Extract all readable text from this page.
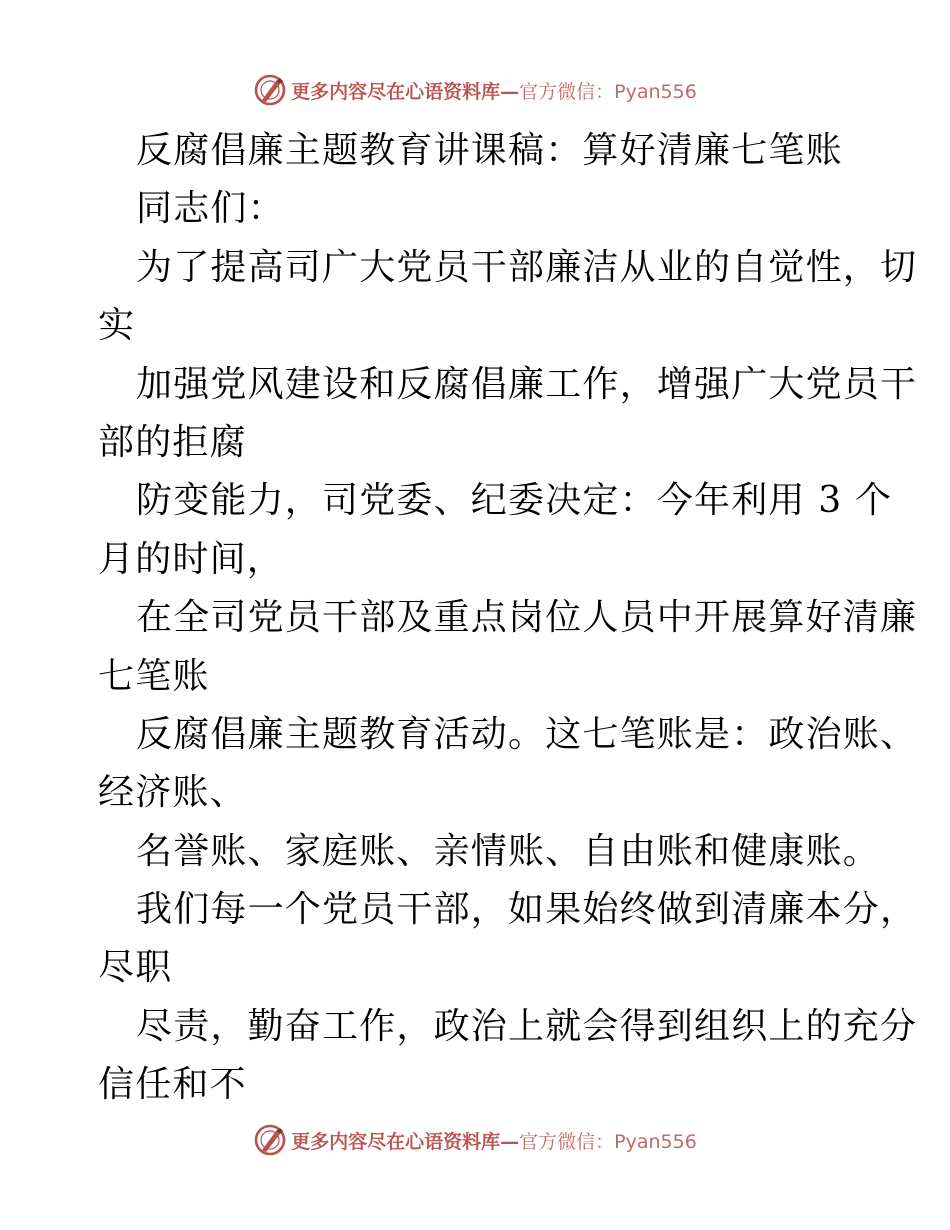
更多内容尽在心语资料库—官方微信：Pyan556
反腐倡廉主题教育讲课稿：算好清廉七笔账
同志们：
为了提高司广大党员干部廉洁从业的自觉性，切
实
加强党风建设和反腐倡廉工作，增强广大党员干
部的拒腐
防变能力，司党委、纪委决定：今年利用 3 个
月的时间，
在全司党员干部及重点岗位人员中开展算好清廉
七笔账
反腐倡廉主题教育活动。这七笔账是：政治账、
经济账、
名誉账、家庭账、亲情账、自由账和健康账。
我们每一个党员干部，如果始终做到清廉本分，
尽职
尽责，勤奋工作，政治上就会得到组织上的充分
信任和不
更多内容尽在心语资料库—官方微信：Pyan556
